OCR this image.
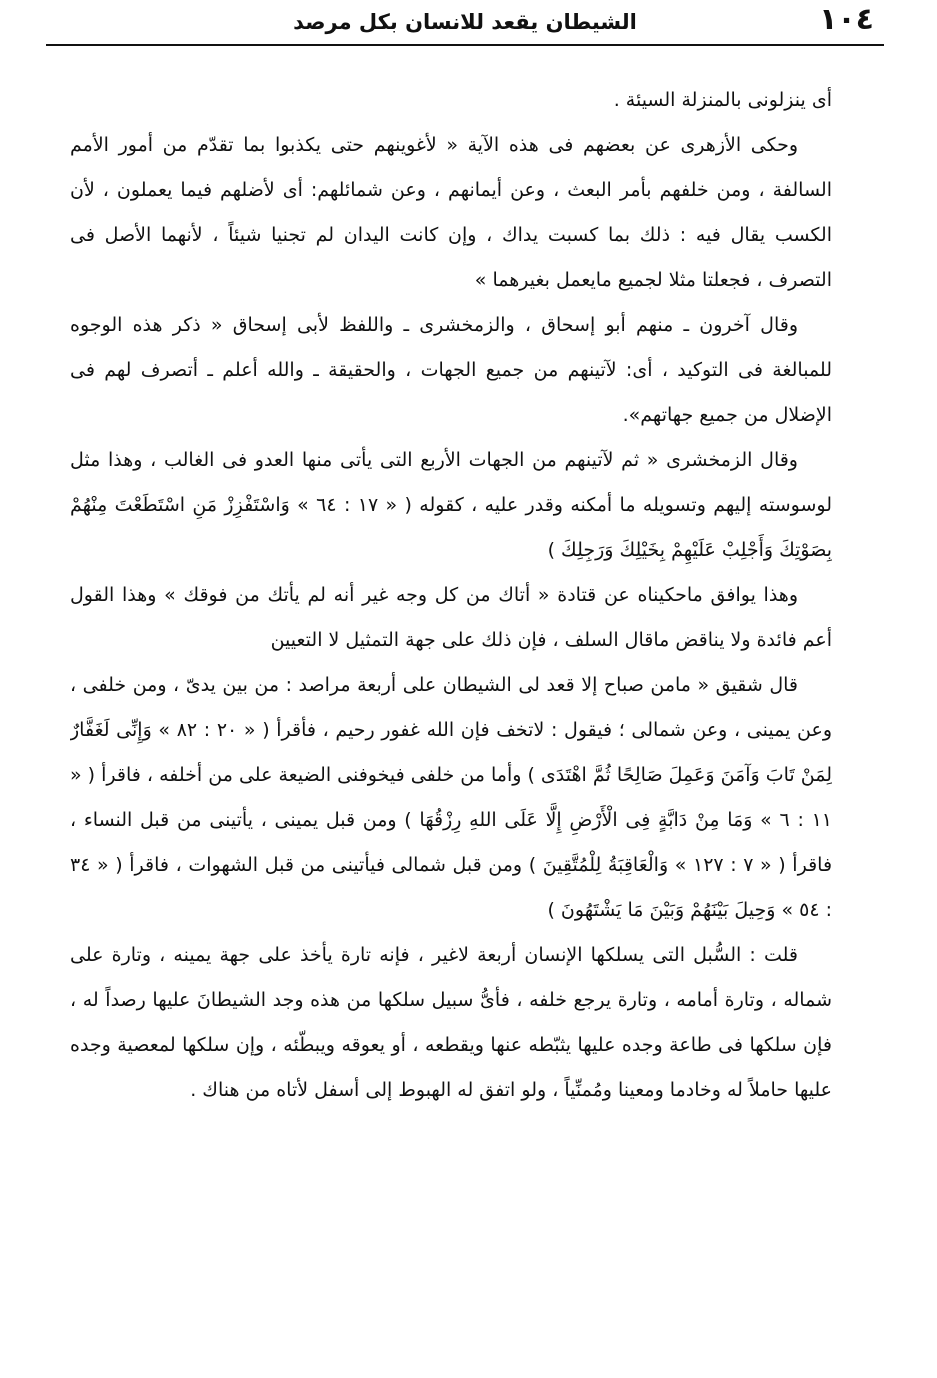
١٠٤
الشيطان يقعد للانسان بكل مرصد

أى ينزلونى بالمنزلة السيئة .

وحكى الأزهرى عن بعضهم فى هذه الآية « لأغوينهم حتى يكذبوا بما تقدّم من أمور الأمم السالفة ، ومن خلفهم بأمر البعث ، وعن أيمانهم ، وعن شمائلهم: أى لأضلهم فيما يعملون ، لأن الكسب يقال فيه : ذلك بما كسبت يداك ، وإن كانت اليدان لم تجنيا شيئاً ، لأنهما الأصل فى التصرف ، فجعلتا مثلا لجميع مايعمل بغيرهما »

وقال آخرون ـ منهم أبو إسحاق ، والزمخشرى ـ واللفظ لأبى إسحاق « ذكر هذه الوجوه للمبالغة فى التوكيد ، أى: لآتينهم من جميع الجهات ، والحقيقة ـ والله أعلم ـ أتصرف لهم فى الإضلال من جميع جهاتهم».

وقال الزمخشرى « ثم لآتينهم من الجهات الأربع التى يأتى منها العدو فى الغالب ، وهذا مثل لوسوسته إليهم وتسويله ما أمكنه وقدر عليه ، كقوله ( « ١٧ : ٦٤ » وَاسْتَفْزِزْ مَنِ اسْتَطَعْتَ مِنْهُمْ بِصَوْتِكَ وَأَجْلِبْ عَلَيْهِمْ بِخَيْلِكَ وَرَجِلِكَ )

وهذا يوافق ماحكيناه عن قتادة « أتاك من كل وجه غير أنه لم يأتك من فوقك » وهذا القول أعم فائدة ولا يناقض ماقال السلف ، فإن ذلك على جهة التمثيل لا التعيين

قال شقيق « مامن صباح إلا قعد لى الشيطان على أربعة مراصد : من بين يدىّ ، ومن خلفى ، وعن يمينى ، وعن شمالى ؛ فيقول : لاتخف فإن الله غفور رحيم ، فأقرأ ( « ٢٠ : ٨٢ » وَإِنِّى لَغَفَّارٌ لِمَنْ تَابَ وَآمَنَ وَعَمِلَ صَالِحًا ثُمَّ اهْتَدَى ) وأما من خلفى فيخوفنى الضيعة على من أخلفه ، فاقرأ ( « ١١ : ٦ » وَمَا مِنْ دَابَّةٍ فِى الْأَرْضِ إِلَّا عَلَى اللهِ رِزْقُهَا ) ومن قبل يمينى ، يأتينى من قبل النساء ، فاقرأ ( « ٧ : ١٢٧ » وَالْعَاقِبَةُ لِلْمُتَّقِينَ ) ومن قبل شمالى فيأتينى من قبل الشهوات ، فاقرأ ( « ٣٤ : ٥٤ » وَحِيلَ بَيْنَهُمْ وَبَيْنَ مَا يَشْتَهُونَ )

قلت : السُّبل التى يسلكها الإنسان أربعة لاغير ، فإنه تارة يأخذ على جهة يمينه ، وتارة على شماله ، وتارة أمامه ، وتارة يرجع خلفه ، فأىُّ سبيل سلكها من هذه وجد الشيطانَ عليها رصداً له ، فإن سلكها فى طاعة وجده عليها يثبّطه عنها ويقطعه ، أو يعوقه ويبطّئه ، وإن سلكها لمعصية وجده عليها حاملاً له وخادما ومعينا ومُمنِّياً ، ولو اتفق له الهبوط إلى أسفل لأتاه من هناك .
